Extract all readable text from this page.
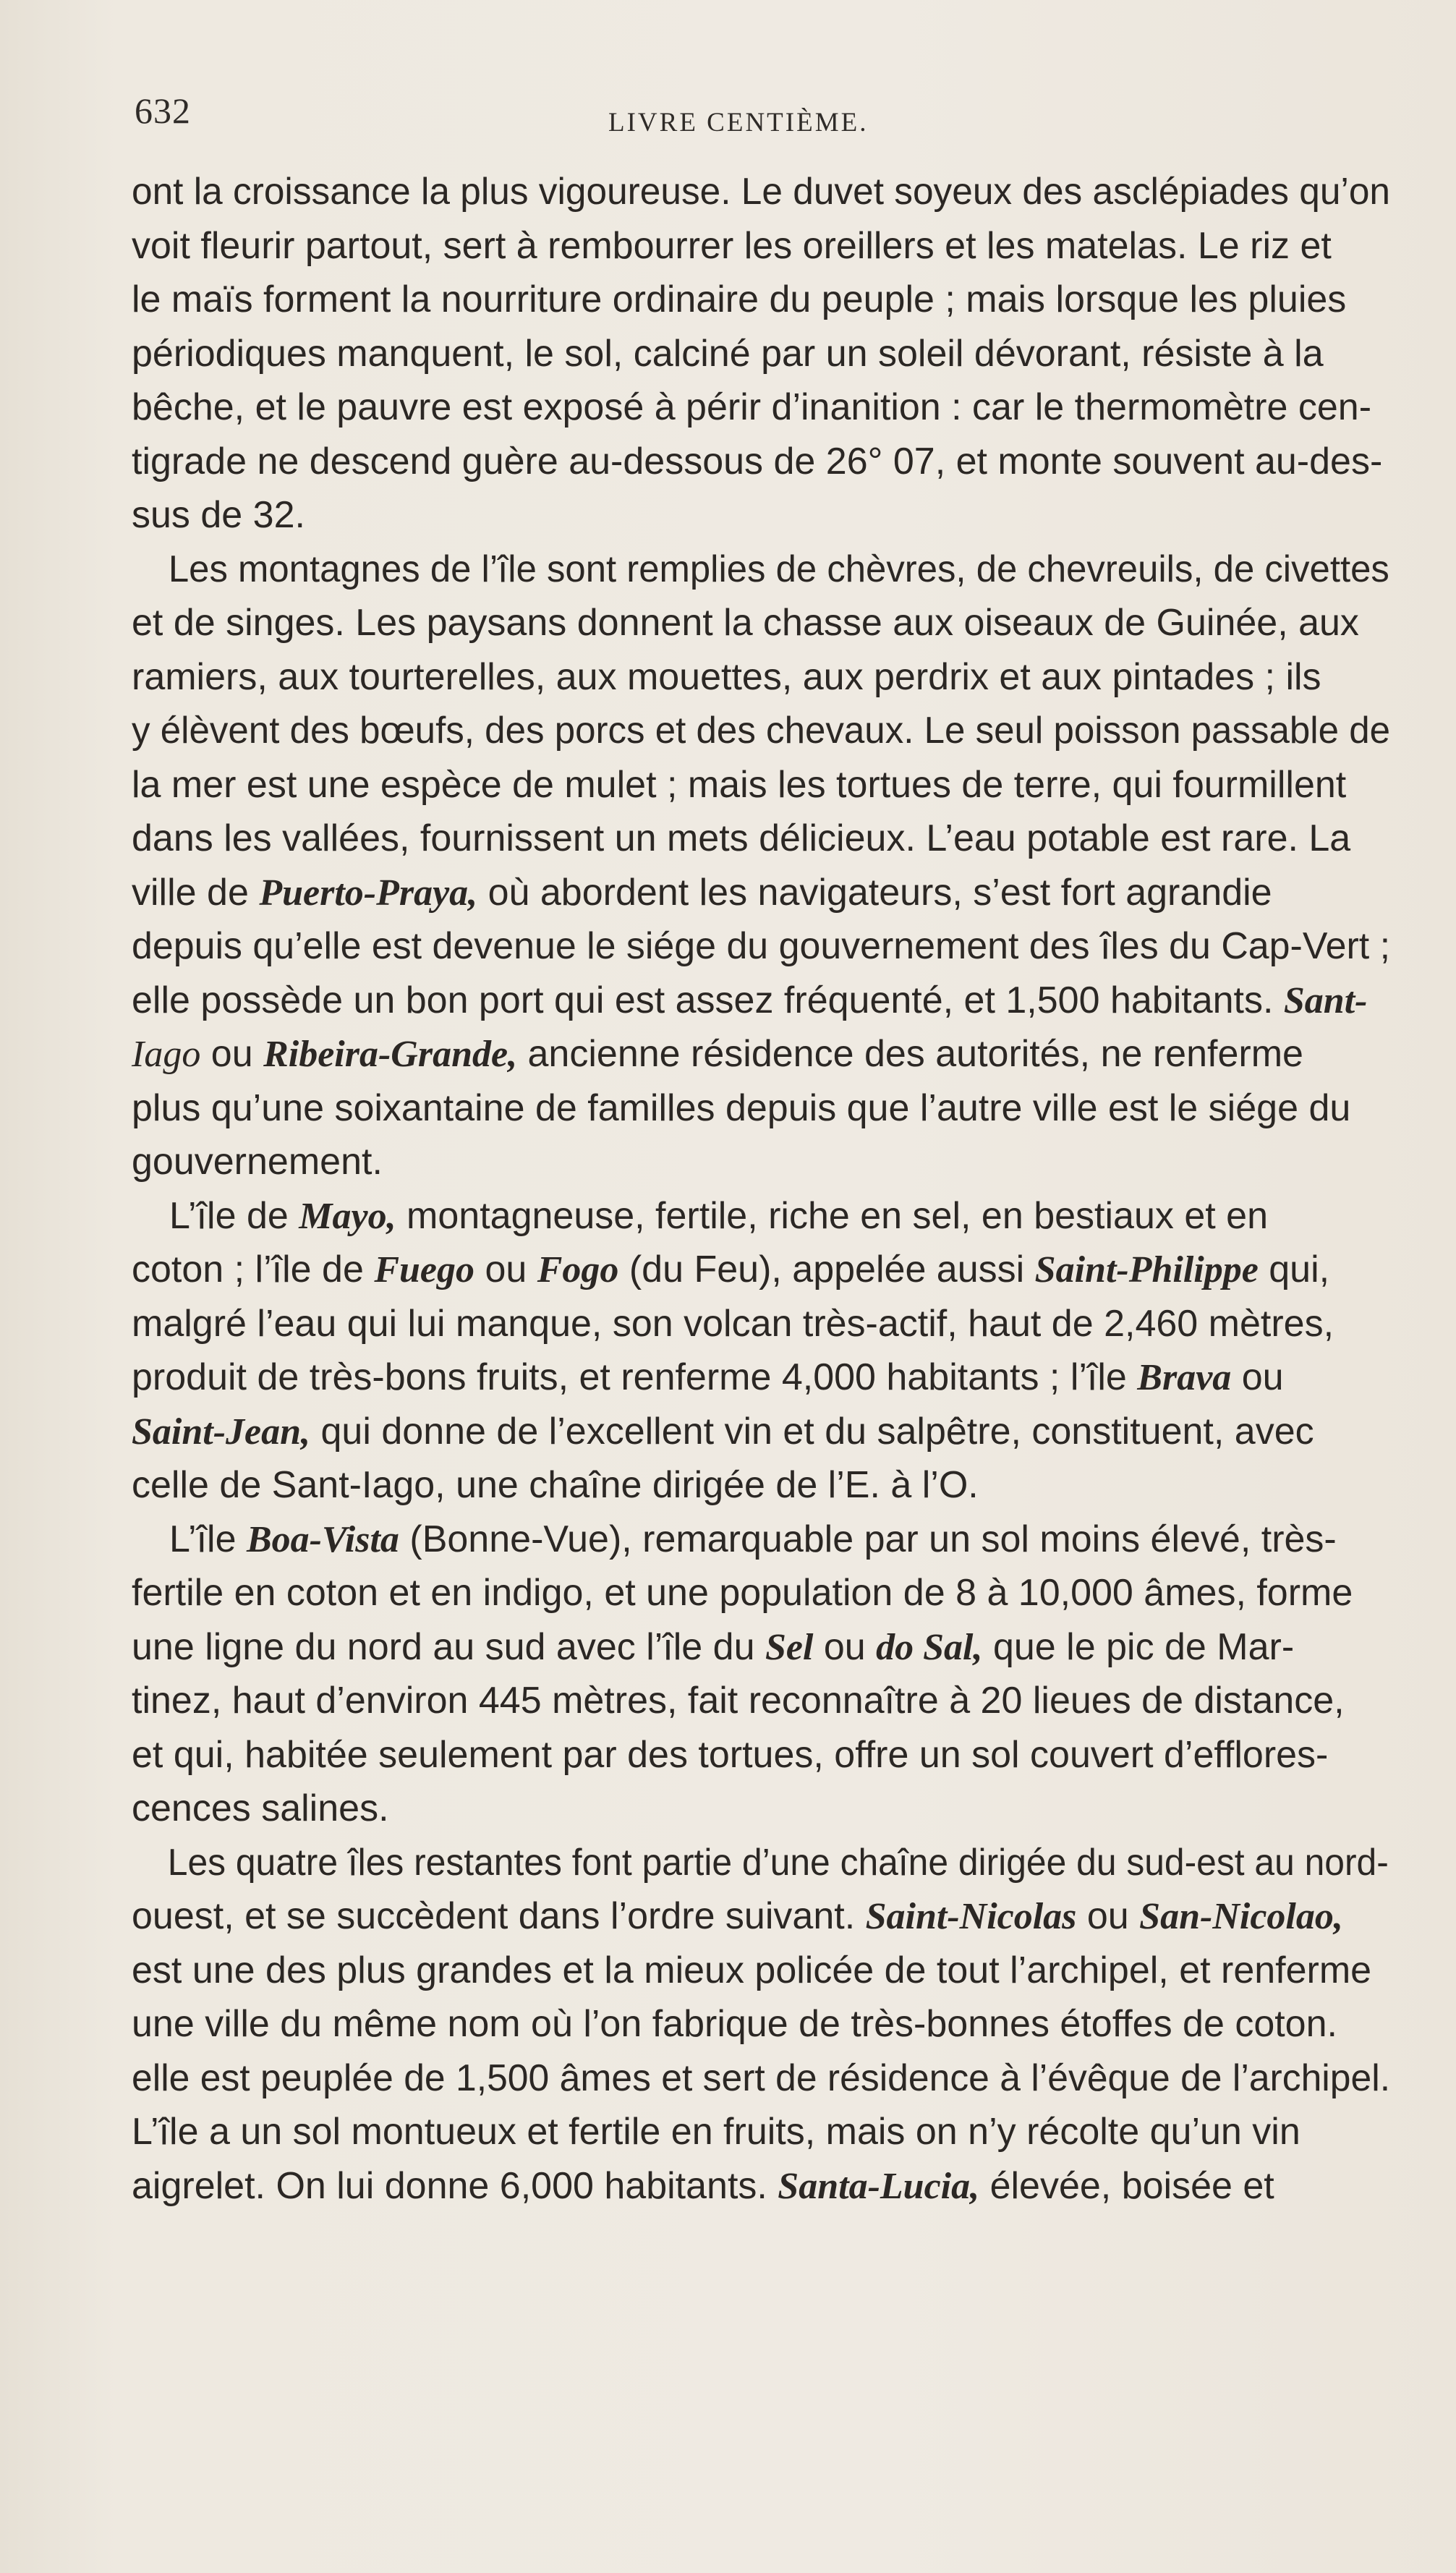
632	LIVRE CENTIÈME.
ont la croissance la plus vigoureuse. Le duvet soyeux des asclépiades qu’on
voit fleurir partout, sert à rembourrer les oreillers et les matelas. Le riz et
le maïs forment la nourriture ordinaire du peuple ; mais lorsque les pluies
périodiques manquent, le sol, calciné par un soleil dévorant, résiste à la
bêche, et le pauvre est exposé à périr d’inanition : car le thermomètre cen-
tigrade ne descend guère au-dessous de 26° 07, et monte souvent au-des-
sus de 32.
Les montagnes de l’île sont remplies de chèvres, de chevreuils, de civettes
et de singes. Les paysans donnent la chasse aux oiseaux de Guinée, aux
ramiers, aux tourterelles, aux mouettes, aux perdrix et aux pintades ; ils
y élèvent des bœufs, des porcs et des chevaux. Le seul poisson passable de
la mer est une espèce de mulet ; mais les tortues de terre, qui fourmillent
dans les vallées, fournissent un mets délicieux. L’eau potable est rare. La
ville de Puerto-Praya, où abordent les navigateurs, s’est fort agrandie
depuis qu’elle est devenue le siége du gouvernement des îles du Cap-Vert ;
elle possède un bon port qui est assez fréquenté, et 1,500 habitants. Sant-
Iago ou Ribeira-Grande, ancienne résidence des autorités, ne renferme
plus qu’une soixantaine de familles depuis que l’autre ville est le siége du
gouvernement.
L’île de Mayo, montagneuse, fertile, riche en sel, en bestiaux et en
coton ; l’île de Fuego ou Fogo (du Feu), appelée aussi Saint-Philippe qui,
malgré l’eau qui lui manque, son volcan très-actif, haut de 2,460 mètres,
produit de très-bons fruits, et renferme 4,000 habitants ; l’île Brava ou
Saint-Jean, qui donne de l’excellent vin et du salpêtre, constituent, avec
celle de Sant-Iago, une chaîne dirigée de l’E. à l’O.
L’île Boa-Vista (Bonne-Vue), remarquable par un sol moins élevé, très-
fertile en coton et en indigo, et une population de 8 à 10,000 âmes, forme
une ligne du nord au sud avec l’île du Sel ou do Sal, que le pic de Mar-
tinez, haut d’environ 445 mètres, fait reconnaître à 20 lieues de distance,
et qui, habitée seulement par des tortues, offre un sol couvert d’efflores-
cences salines.
Les quatre îles restantes font partie d’une chaîne dirigée du sud-est au nord-
ouest, et se succèdent dans l’ordre suivant. Saint-Nicolas ou San-Nicolao,
est une des plus grandes et la mieux policée de tout l’archipel, et renferme
une ville du même nom où l’on fabrique de très-bonnes étoffes de coton.
elle est peuplée de 1,500 âmes et sert de résidence à l’évêque de l’archipel.
L’île a un sol montueux et fertile en fruits, mais on n’y récolte qu’un vin
aigrelet. On lui donne 6,000 habitants. Santa-Lucia, élevée, boisée et
